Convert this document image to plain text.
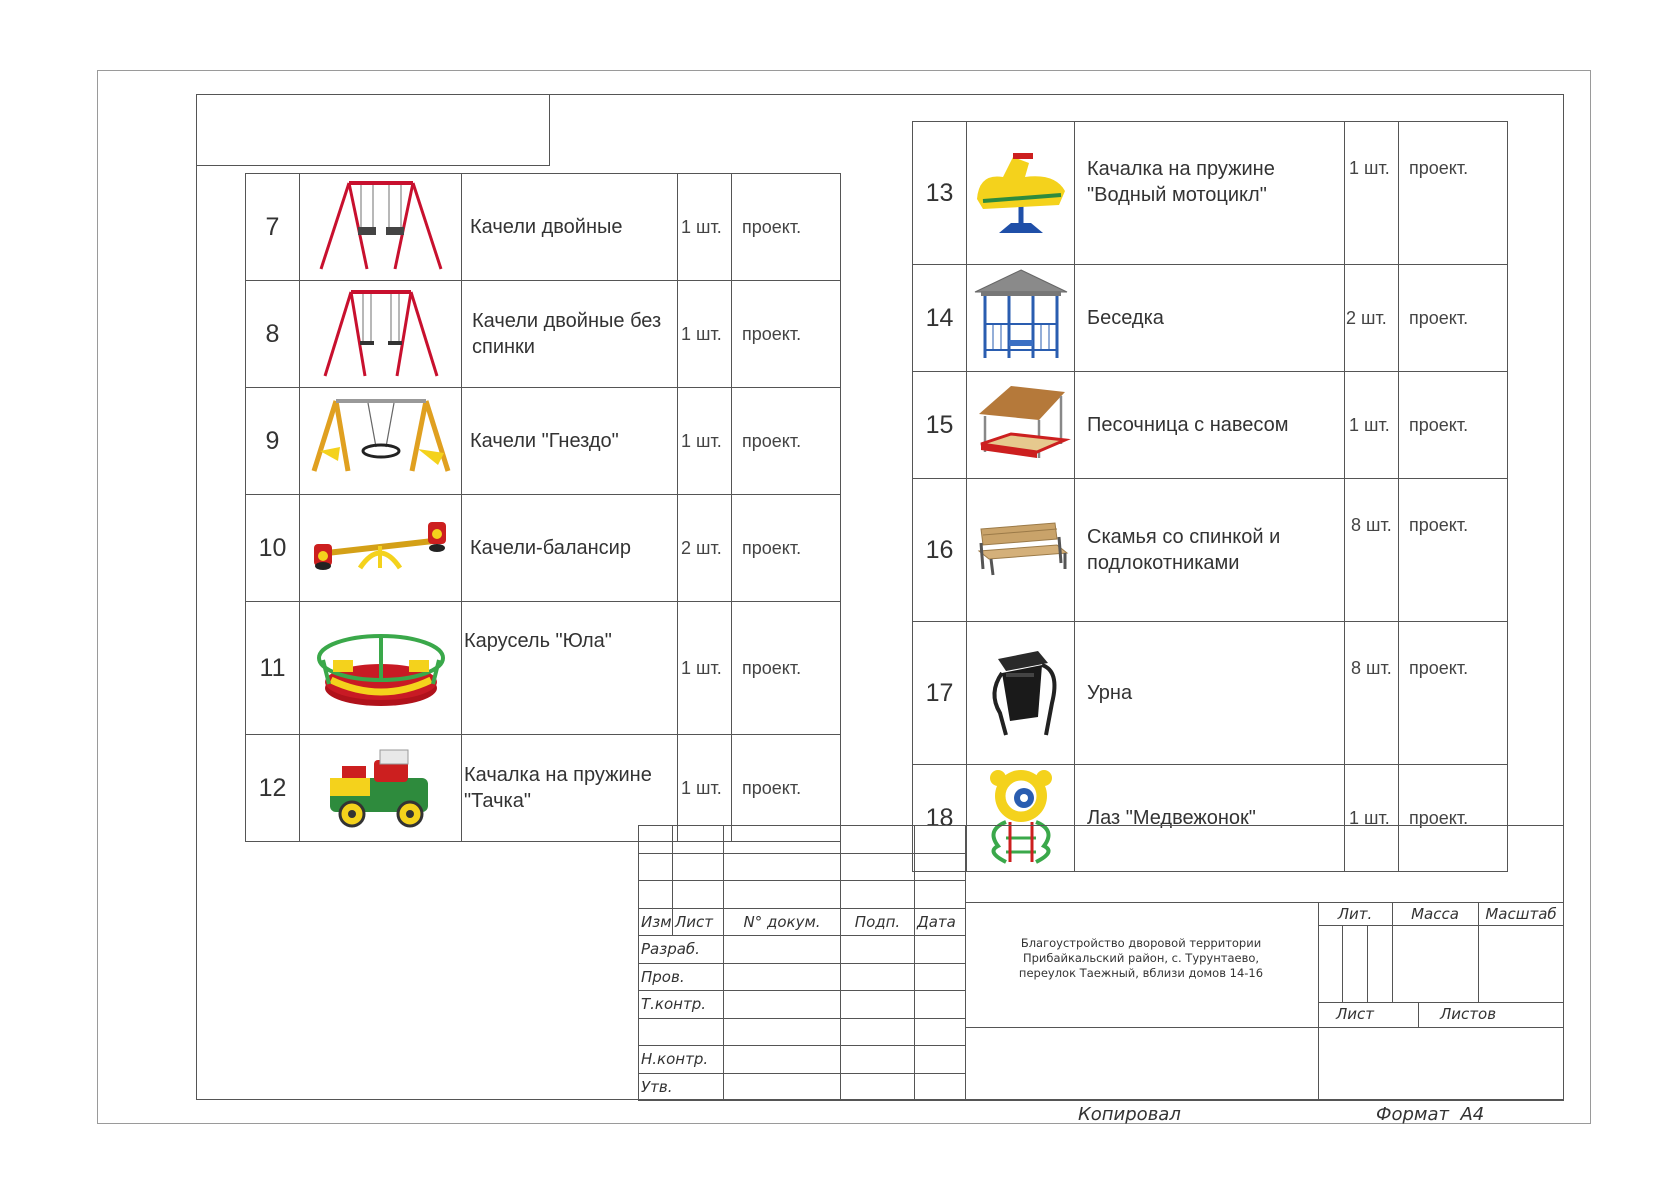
7		Качели двойные	1 шт.	проект.
8		Качели двойные без спинки	1 шт.	проект.
9		Качели "Гнездо"	1 шт.	проект.
10		Качели-балансир	2 шт.	проект.
11		Карусель "Юла"	1 шт.	проект.
12		Качалка на пружине "Тачка"	1 шт.	проект.
13		Качалка на пружине "Водный мотоцикл"	1 шт.	проект.
14		Беседка	2 шт.	проект.
15		Песочница с навесом	1 шт.	проект.
16		Скамья со спинкой и подлокотниками	8 шт.	проект.
17		Урна	8 шт.	проект.
18		Лаз "Медвежонок"	1 шт.	проект.

Изм	Лист	N° докум.	Подп.	Дата
Разраб.				
Пров.				
Т.контр.				

Н.контр.				
Утв.				
Благоустройство дворовой территории
Прибайкальский район, с. Турунтаево,
переулок Таежный, вблизи домов 14-16
Лит.	Масса	Масштаб
Лист	Листов
Копировал	Формат  А4
